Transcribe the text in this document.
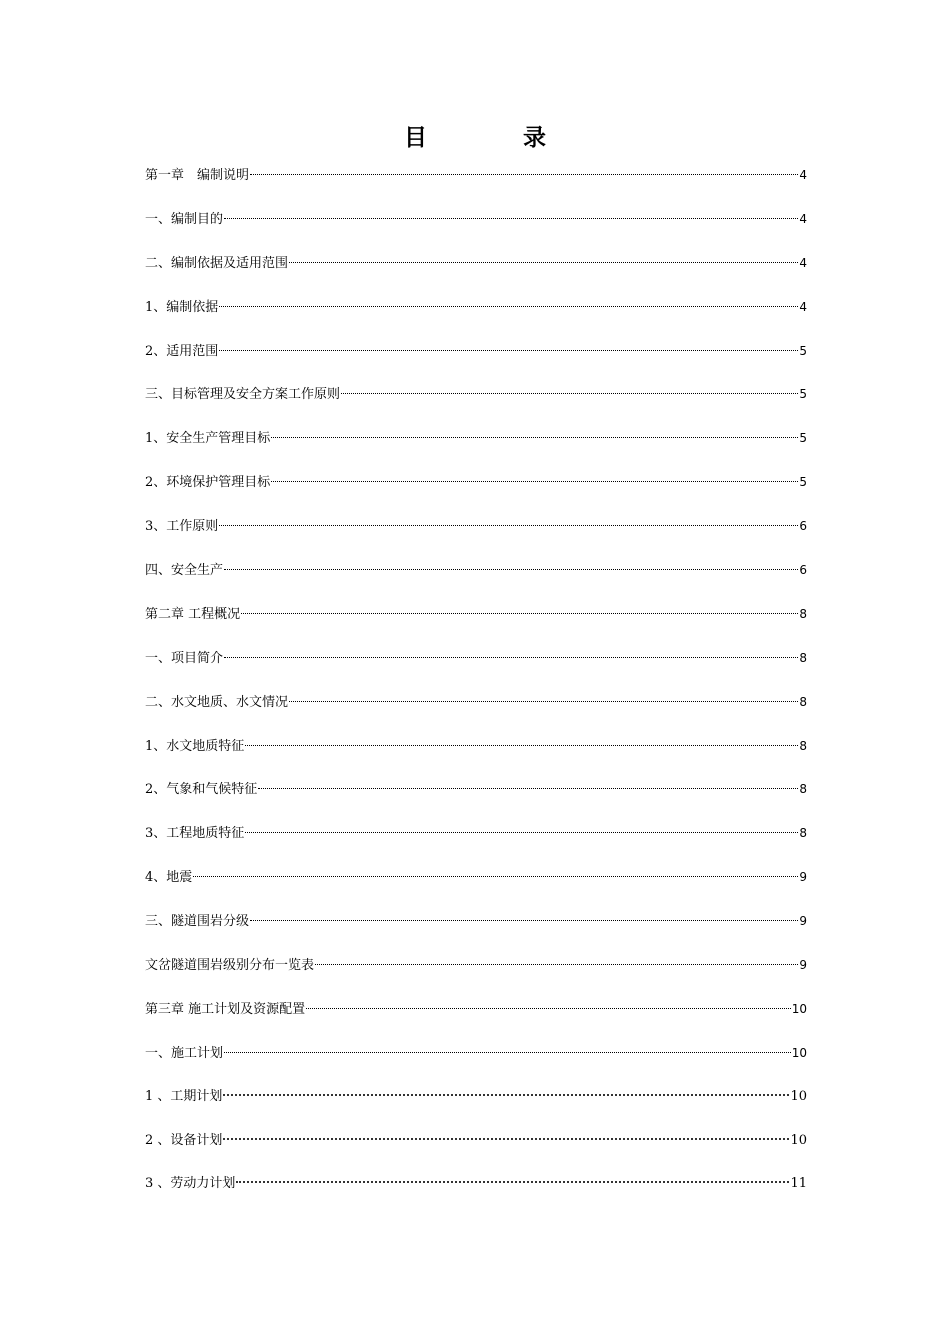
目 录
第一章　编制说明	4
一、编制目的	4
二、编制依据及适用范围	4
1、编制依据	4
2、适用范围	5
三、目标管理及安全方案工作原则	5
1、安全生产管理目标	5
2、环境保护管理目标	5
3、工作原则	6
四、安全生产	6
第二章 工程概况	8
一、项目简介	8
二、水文地质、水文情况	8
1、水文地质特征	8
2、气象和气候特征	8
3、工程地质特征	8
4、地震	9
三、隧道围岩分级	9
文岔隧道围岩级别分布一览表	9
第三章 施工计划及资源配置	10
一、施工计划	10
1 、工期计划	10
2 、设备计划	10
3 、劳动力计划	11
